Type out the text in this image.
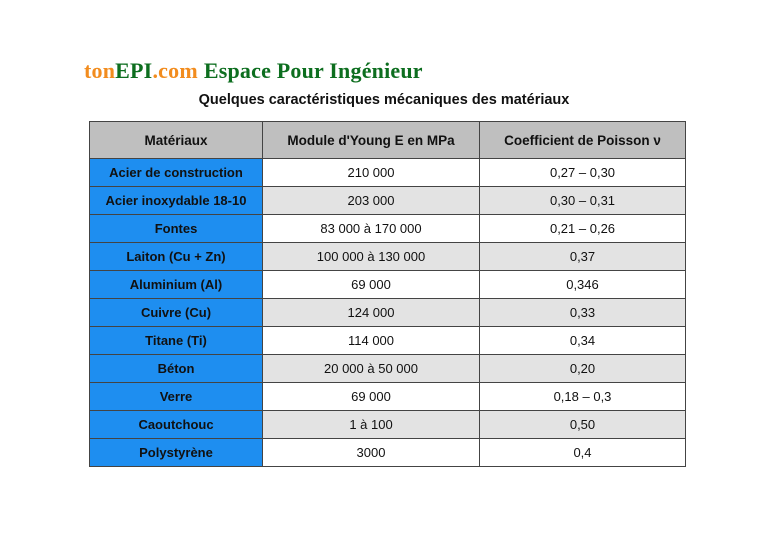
tonEPI.com Espace Pour Ingénieur
Quelques caractéristiques mécaniques des matériaux
Matériaux	Module d'Young E en MPa	Coefficient de Poisson ν
Acier de construction	210 000	0,27 – 0,30
Acier inoxydable 18-10	203 000	0,30 – 0,31
Fontes	83 000 à 170 000	0,21 – 0,26
Laiton (Cu + Zn)	100 000 à 130 000	0,37
Aluminium (Al)	69 000	0,346
Cuivre (Cu)	124 000	0,33
Titane (Ti)	114 000	0,34
Béton	20 000 à 50 000	0,20
Verre	69 000	0,18 – 0,3
Caoutchouc	1 à 100	0,50
Polystyrène	3000	0,4
